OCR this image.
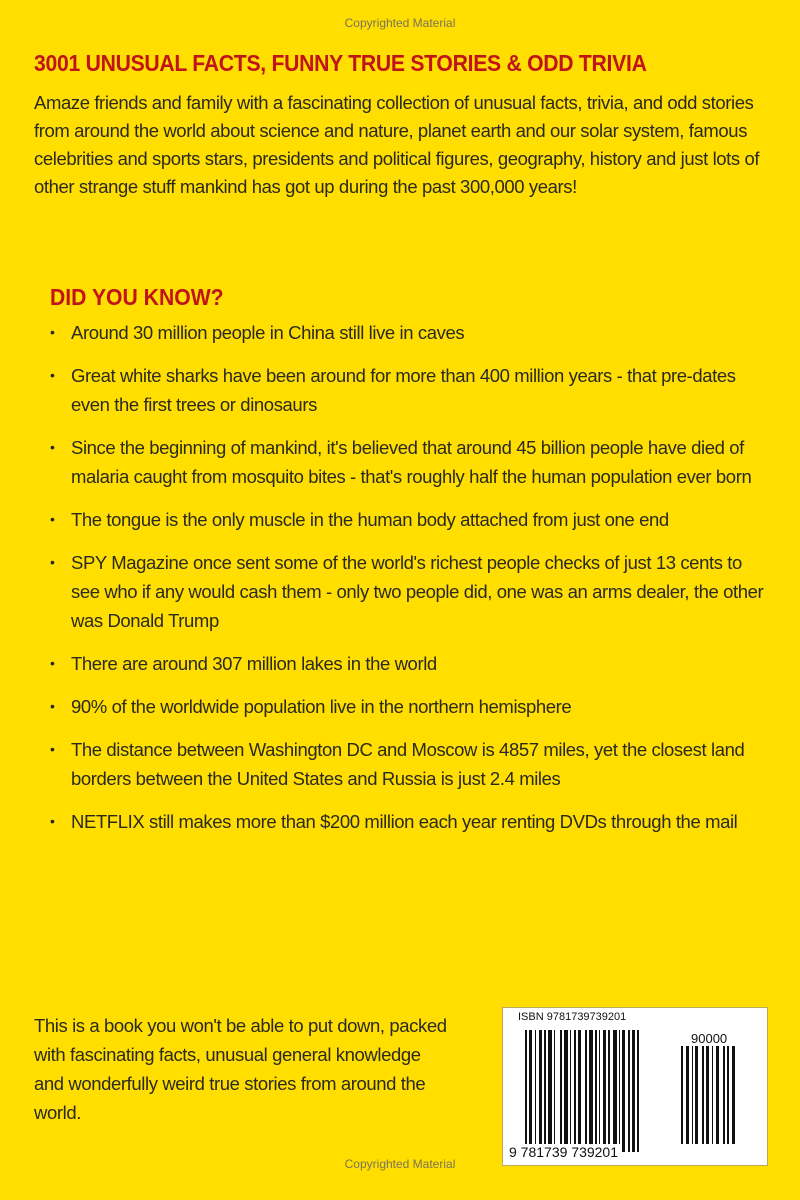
Copyrighted Material
3001 UNUSUAL FACTS, FUNNY TRUE STORIES & ODD TRIVIA
Amaze friends and family with a fascinating collection of unusual facts, trivia, and odd stories from around the world about science and nature, planet earth and our solar system, famous celebrities and sports stars, presidents and political figures, geography, history and just lots of other strange stuff mankind has got up during the past 300,000 years!
DID YOU KNOW?
• Around 30 million people in China still live in caves
• Great white sharks have been around for more than 400 million years - that pre-dates even the first trees or dinosaurs
• Since the beginning of mankind, it's believed that around 45 billion people have died of malaria caught from mosquito bites - that's roughly half the human population ever born
• The tongue is the only muscle in the human body attached from just one end
• SPY Magazine once sent some of the world's richest people checks of just 13 cents to see who if any would cash them - only two people did, one was an arms dealer, the other was Donald Trump
• There are around 307 million lakes in the world
• 90% of the worldwide population live in the northern hemisphere
• The distance between Washington DC and Moscow is 4857 miles, yet the closest land borders between the United States and Russia is just 2.4 miles
• NETFLIX still makes more than $200 million each year renting DVDs through the mail
This is a book you won't be able to put down, packed with fascinating facts, unusual general knowledge and wonderfully weird true stories from around the world.
ISBN 9781739739201
90000
9 781739 739201
Copyrighted Material
